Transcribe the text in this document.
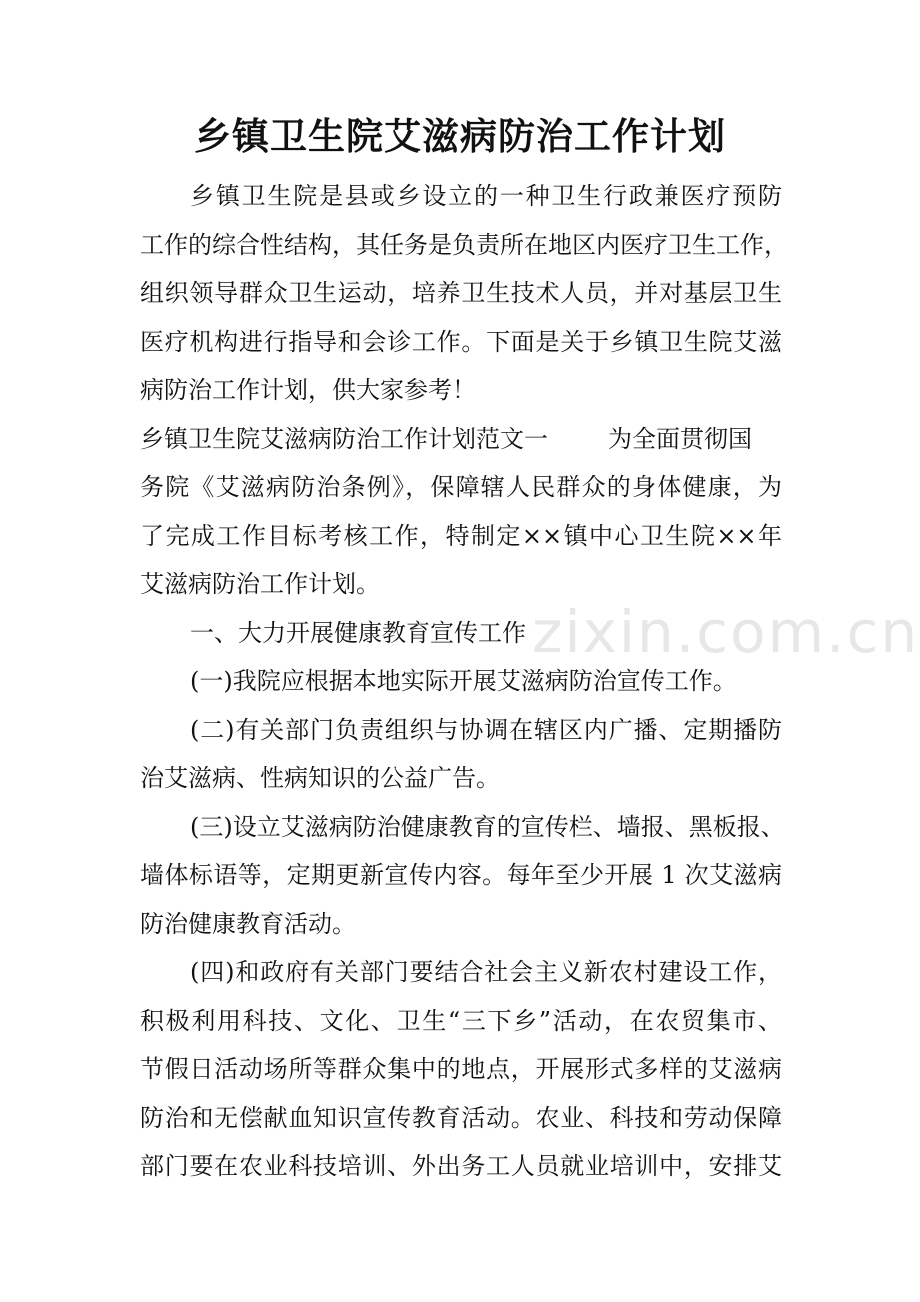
乡镇卫生院艾滋病防治工作计划
乡镇卫生院是县或乡设立的一种卫生行政兼医疗预防
工作的综合性结构，其任务是负责所在地区内医疗卫生工作，
组织领导群众卫生运动，培养卫生技术人员，并对基层卫生
医疗机构进行指导和会诊工作。下面是关于乡镇卫生院艾滋
病防治工作计划，供大家参考！
乡镇卫生院艾滋病防治工作计划范文一	为全面贯彻国
务院《艾滋病防治条例》，保障辖人民群众的身体健康，为
了完成工作目标考核工作，特制定××镇中心卫生院××年
艾滋病防治工作计划。
一、大力开展健康教育宣传工作
(一)我院应根据本地实际开展艾滋病防治宣传工作。
(二)有关部门负责组织与协调在辖区内广播、定期播防
治艾滋病、性病知识的公益广告。
(三)设立艾滋病防治健康教育的宣传栏、墙报、黑板报、
墙体标语等，定期更新宣传内容。每年至少开展 1 次艾滋病
防治健康教育活动。
(四)和政府有关部门要结合社会主义新农村建设工作，
积极利用科技、文化、卫生“三下乡”活动，在农贸集市、
节假日活动场所等群众集中的地点，开展形式多样的艾滋病
防治和无偿献血知识宣传教育活动。农业、科技和劳动保障
部门要在农业科技培训、外出务工人员就业培训中，安排艾
zixin.com.cn
